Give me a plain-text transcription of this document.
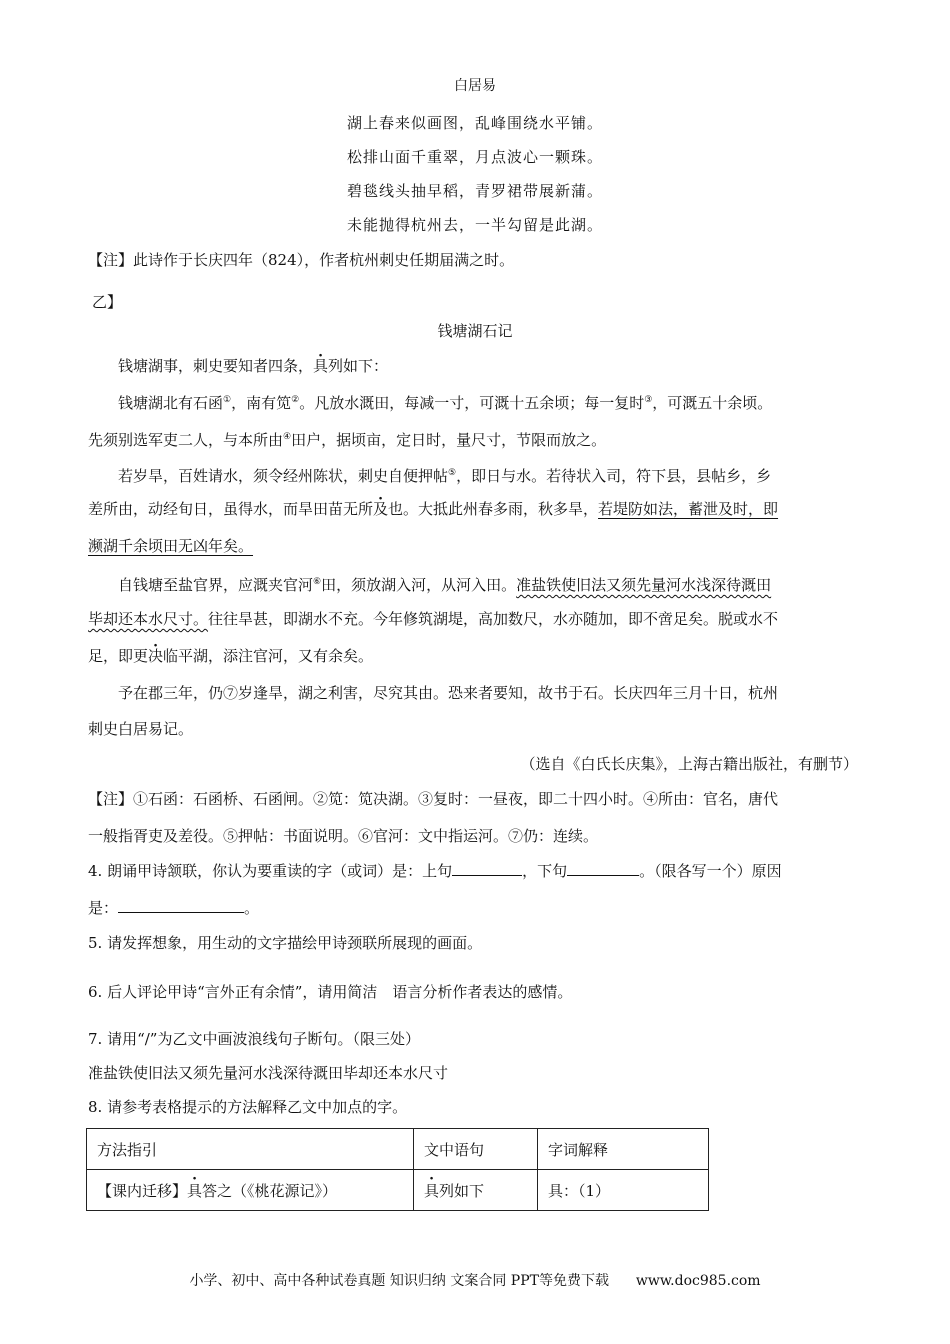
白居易
湖上春来似画图，乱峰围绕水平铺。
松排山面千重翠，月点波心一颗珠。
碧毯线头抽早稻，青罗裙带展新蒲。
未能抛得杭州去，一半勾留是此湖。
【注】此诗作于长庆四年（824），作者杭州刺史任期届满之时。
乙】
钱塘湖石记
钱塘湖事，刺史要知者四条，具列如下：
钱塘湖北有石函①，南有笕②。凡放水溉田，每减一寸，可溉十五余顷；每一复时③，可溉五十余顷。
先须别选军吏二人，与本所由④田户，据顷亩，定日时，量尺寸，节限而放之。
若岁旱，百姓请水，须令经州陈状，刺史自便押帖⑤，即日与水。若待状入司，符下县，县帖乡，乡
差所由，动经旬日，虽得水，而旱田苗无所及也。大抵此州春多雨，秋多旱，若堤防如法，蓄泄及时，即
濒湖千余顷田无凶年矣。
自钱塘至盐官界，应溉夹官河⑥田，须放湖入河，从河入田。准盐铁使旧法又须先量河水浅深待溉田
毕却还本水尺寸。往往旱甚，即湖水不充。今年修筑湖堤，高加数尺，水亦随加，即不啻足矣。脱或水不
足，即更决临平湖，添注官河，又有余矣。
予在郡三年，仍⑦岁逢旱，湖之利害，尽究其由。恐来者要知，故书于石。长庆四年三月十日，杭州
刺史白居易记。
（选自《白氏长庆集》，上海古籍出版社，有删节）
【注】①石函：石函桥、石函闸。②笕：笕决湖。③复时：一昼夜，即二十四小时。④所由：官名，唐代
一般指胥吏及差役。⑤押帖：书面说明。⑥官河：文中指运河。⑦仍：连续。
4. 朗诵甲诗颔联，你认为要重读的字（或词）是：上句	，下句	。（限各写一个）原因
是：	。
5. 请发挥想象，用生动的文字描绘甲诗颈联所展现的画面。
6. 后人评论甲诗“言外正有余情”，请用简洁　语言分析作者表达的感情。
7. 请用“/”为乙文中画波浪线句子断句。（限三处）
准盐铁使旧法又须先量河水浅深待溉田毕却还本水尺寸
8. 请参考表格提示的方法解释乙文中加点的字。
方法指引	文中语句	字词解释
【课内迁移】具答之（《桃花源记》）	具列如下	具：（1）
小学、初中、高中各种试卷真题 知识归纳 文案合同 PPT等免费下载 www.doc985.com
